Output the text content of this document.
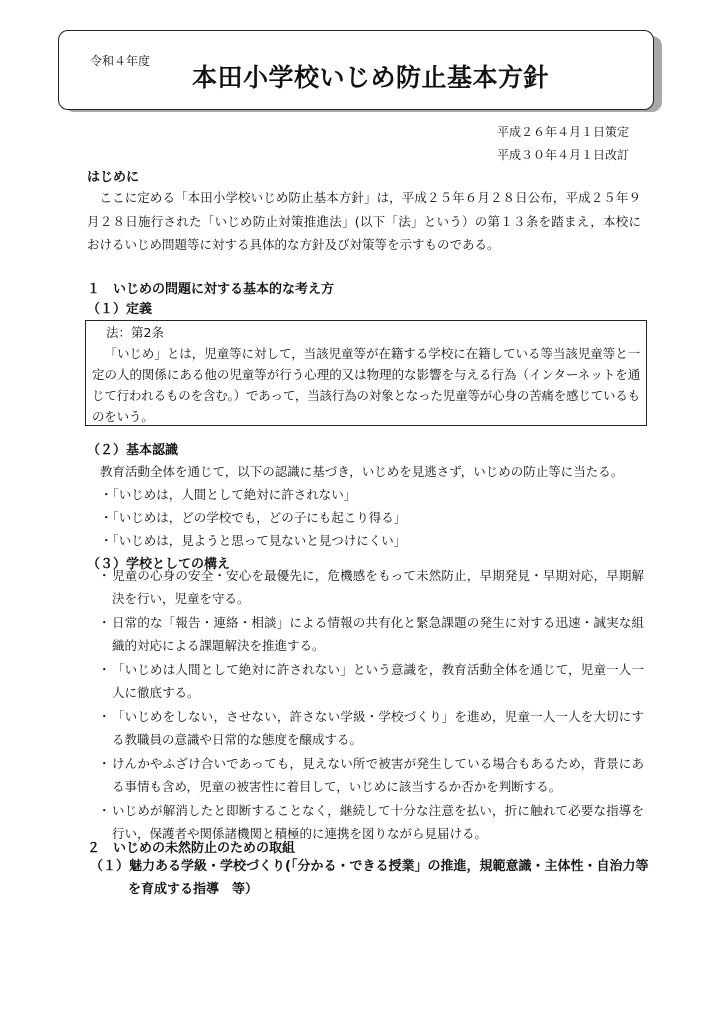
令和４年度
本田小学校いじめ防止基本方針
平成２６年４月１日策定
平成３０年４月１日改訂
はじめに
ここに定める「本田小学校いじめ防止基本方針」は，平成２５年６月２８日公布，平成２５年９月２８日施行された「いじめ防止対策推進法」(以下「法」という）の第１３条を踏まえ，本校におけるいじめ問題等に対する具体的な方針及び対策等を示すものである。
１　いじめの問題に対する基本的な考え方
（１）定義
法：第2条
「いじめ」とは，児童等に対して，当該児童等が在籍する学校に在籍している等当該児童等と一定の人的関係にある他の児童等が行う心理的又は物理的な影響を与える行為（インターネットを通じて行われるものを含む。）であって，当該行為の対象となった児童等が心身の苦痛を感じているものをいう。
（２）基本認識
教育活動全体を通じて，以下の認識に基づき，いじめを見逃さず，いじめの防止等に当たる。
・「いじめは，人間として絶対に許されない」
・「いじめは，どの学校でも，どの子にも起こり得る」
・「いじめは，見ようと思って見ないと見つけにくい」
（３）学校としての構え
・ 児童の心身の安全・安心を最優先に，危機感をもって未然防止，早期発見・早期対応，早期解決を行い，児童を守る。
・ 日常的な「報告・連絡・相談」による情報の共有化と緊急課題の発生に対する迅速・誠実な組織的対応による課題解決を推進する。
・ 「いじめは人間として絶対に許されない」という意識を，教育活動全体を通じて，児童一人一人に徹底する。
・ 「いじめをしない，させない，許さない学級・学校づくり」を進め，児童一人一人を大切にする教職員の意識や日常的な態度を醸成する。
・ けんかやふざけ合いであっても，見えない所で被害が発生している場合もあるため，背景にある事情も含め，児童の被害性に着目して，いじめに該当するか否かを判断する。
・ いじめが解消したと即断することなく，継続して十分な注意を払い，折に触れて必要な指導を行い，保護者や関係諸機関と積極的に連携を図りながら見届ける。
２　いじめの未然防止のための取組
（１）魅力ある学級・学校づくり(「分かる・できる授業」の推進，規範意識・主体性・自治力等
を育成する指導　等）
